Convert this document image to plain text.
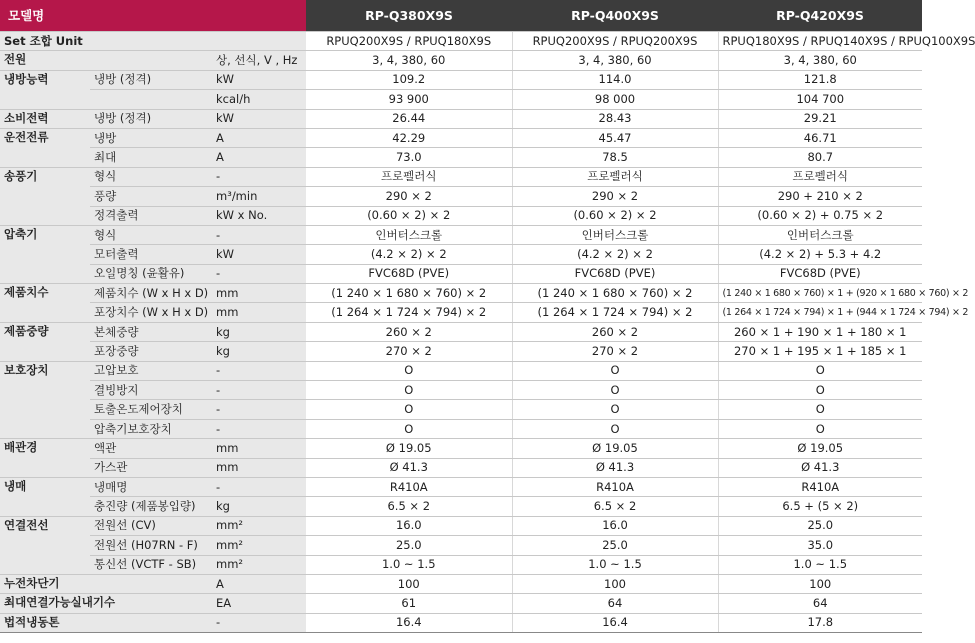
모델명			RP-Q380X9S	RP-Q400X9S	RP-Q420X9S
Set 조합 Unit			RPUQ200X9S / RPUQ180X9S	RPUQ200X9S / RPUQ200X9S	RPUQ180X9S / RPUQ140X9S / RPUQ100X9S
전원		상, 선식, V , Hz	3, 4, 380, 60	3, 4, 380, 60	3, 4, 380, 60
냉방능력	냉방 (정격)	kW	109.2	114.0	121.8
		kcal/h	93 900	98 000	104 700
소비전력	냉방 (정격)	kW	26.44	28.43	29.21
운전전류	냉방	A	42.29	45.47	46.71
	최대	A	73.0	78.5	80.7
송풍기	형식	-	프로펠러식	프로펠러식	프로펠러식
	풍량	m³/min	290 × 2	290 × 2	290 + 210 × 2
	정격출력	kW x No.	(0.60 × 2) × 2	(0.60 × 2) × 2	(0.60 × 2) + 0.75 × 2
압축기	형식	-	인버터스크롤	인버터스크롤	인버터스크롤
	모터출력	kW	(4.2 × 2) × 2	(4.2 × 2) × 2	(4.2 × 2) + 5.3 + 4.2
	오일명칭 (윤활유)	-	FVC68D (PVE)	FVC68D (PVE)	FVC68D (PVE)
제품치수	제품치수 (W x H x D)	mm	(1 240 × 1 680 × 760) × 2	(1 240 × 1 680 × 760) × 2	(1 240 × 1 680 × 760) × 1 + (920 × 1 680 × 760) × 2
	포장치수 (W x H x D)	mm	(1 264 × 1 724 × 794) × 2	(1 264 × 1 724 × 794) × 2	(1 264 × 1 724 × 794) × 1 + (944 × 1 724 × 794) × 2
제품중량	본체중량	kg	260 × 2	260 × 2	260 × 1 + 190 × 1 + 180 × 1
	포장중량	kg	270 × 2	270 × 2	270 × 1 + 195 × 1 + 185 × 1
보호장치	고압보호	-	O	O	O
	결빙방지	-	O	O	O
	토출온도제어장치	-	O	O	O
	압축기보호장치	-	O	O	O
배관경	액관	mm	Ø 19.05	Ø 19.05	Ø 19.05
	가스관	mm	Ø 41.3	Ø 41.3	Ø 41.3
냉매	냉매명	-	R410A	R410A	R410A
	충진량 (제품봉입량)	kg	6.5 × 2	6.5 × 2	6.5 + (5 × 2)
연결전선	전원선 (CV)	mm²	16.0	16.0	25.0
	전원선 (H07RN - F)	mm²	25.0	25.0	35.0
	통신선 (VCTF - SB)	mm²	1.0 ~ 1.5	1.0 ~ 1.5	1.0 ~ 1.5
누전차단기		A	100	100	100
최대연결가능실내기수		EA	61	64	64
법적냉동톤		-	16.4	16.4	17.8
